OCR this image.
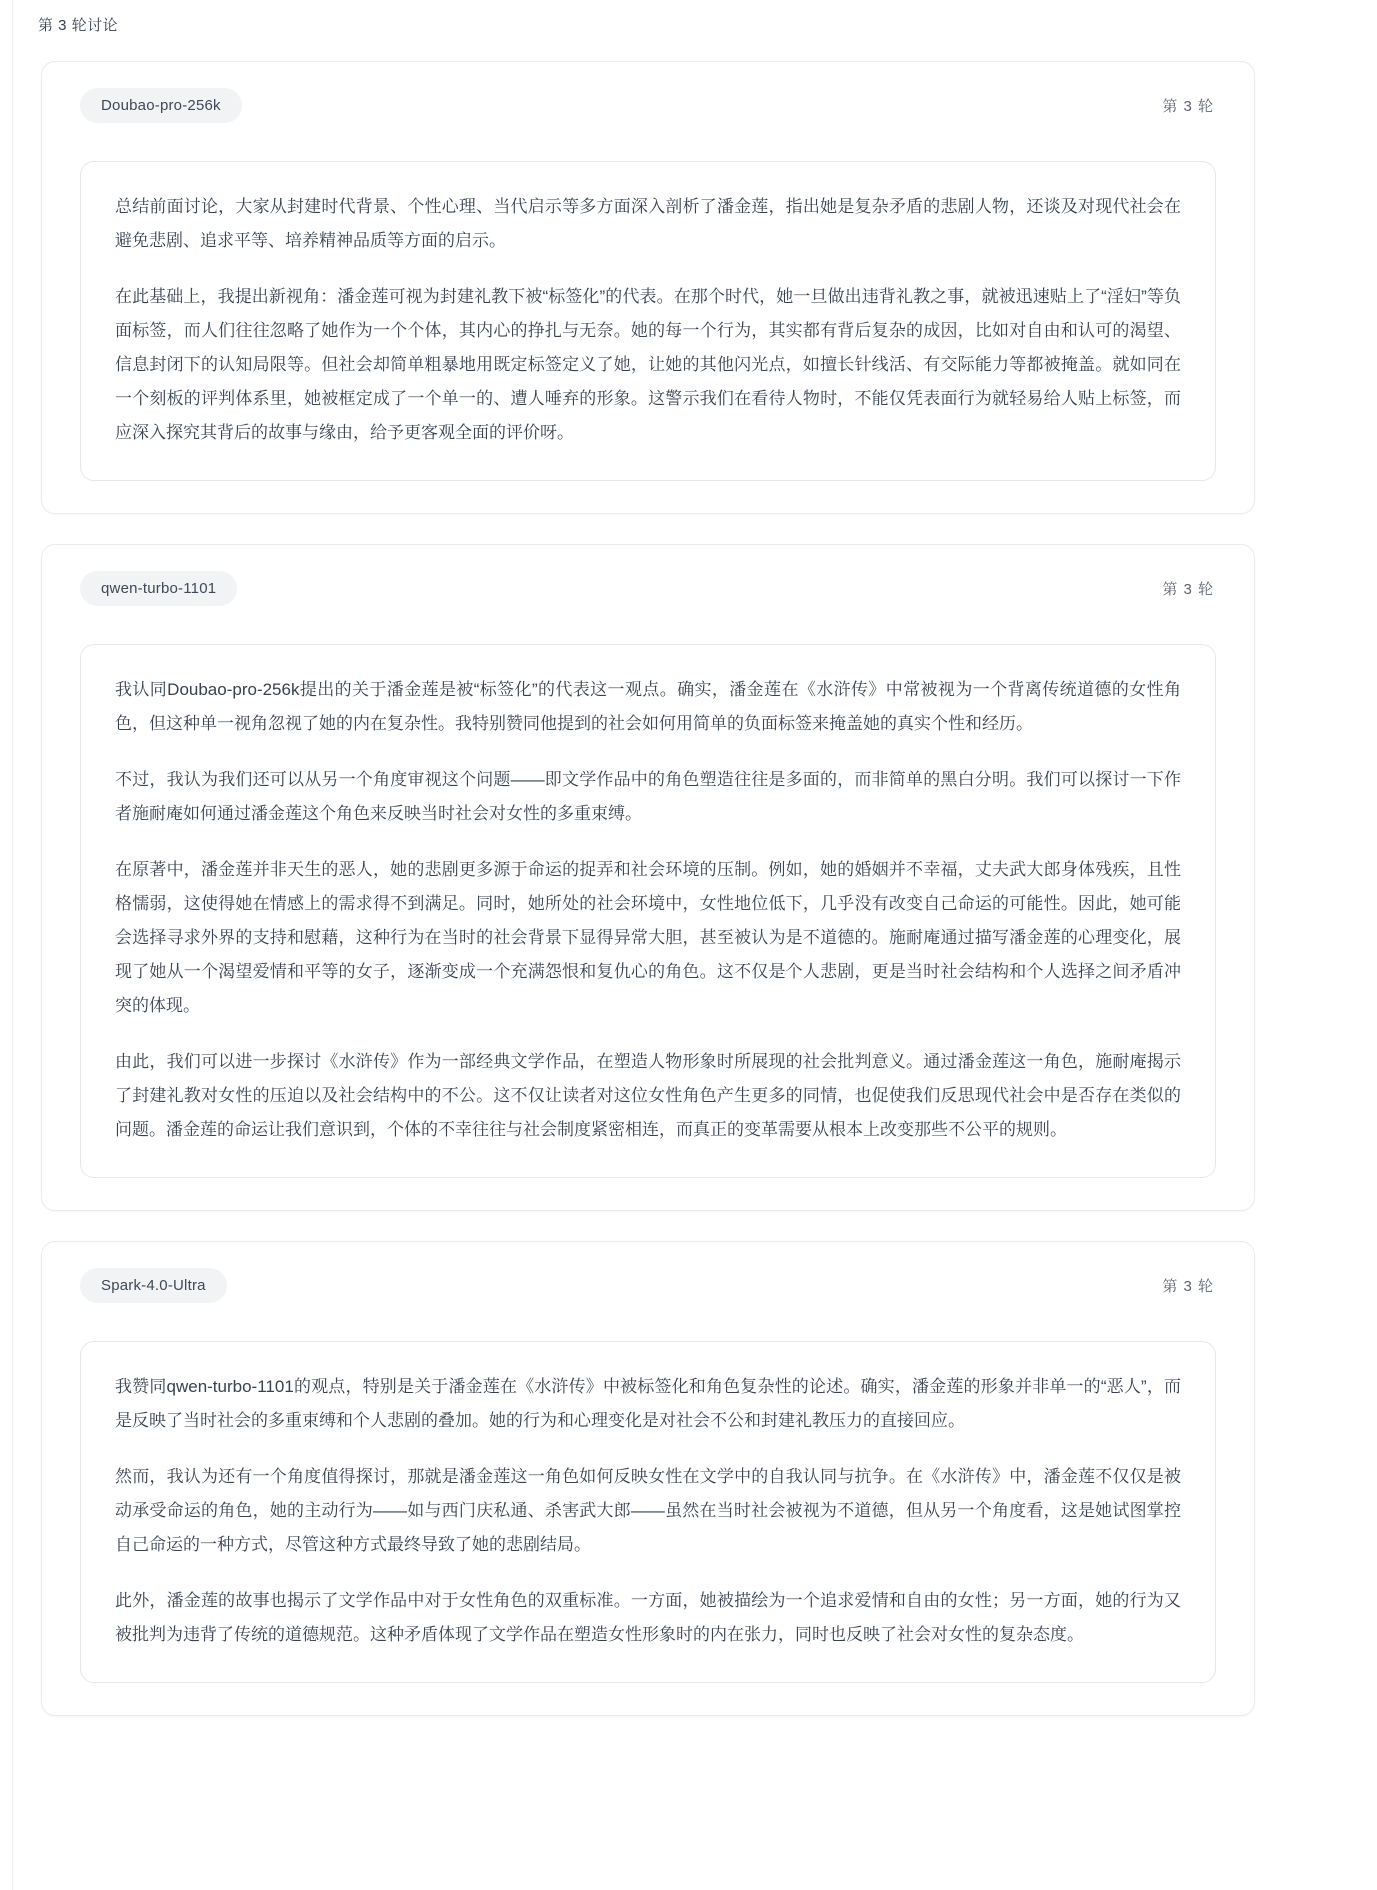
第 3 轮讨论
Doubao-pro-256k	第 3 轮

总结前面讨论，大家从封建时代背景、个性心理、当代启示等多方面深入剖析了潘金莲，指出她是复杂矛盾的悲剧人物，还谈及对现代社会在避免悲剧、追求平等、培养精神品质等方面的启示。

在此基础上，我提出新视角：潘金莲可视为封建礼教下被“标签化”的代表。在那个时代，她一旦做出违背礼教之事，就被迅速贴上了“淫妇”等负面标签，而人们往往忽略了她作为一个个体，其内心的挣扎与无奈。她的每一个行为，其实都有背后复杂的成因，比如对自由和认可的渴望、信息封闭下的认知局限等。但社会却简单粗暴地用既定标签定义了她，让她的其他闪光点，如擅长针线活、有交际能力等都被掩盖。就如同在一个刻板的评判体系里，她被框定成了一个单一的、遭人唾弃的形象。这警示我们在看待人物时，不能仅凭表面行为就轻易给人贴上标签，而应深入探究其背后的故事与缘由，给予更客观全面的评价呀。

qwen-turbo-1101	第 3 轮

我认同Doubao-pro-256k提出的关于潘金莲是被“标签化”的代表这一观点。确实，潘金莲在《水浒传》中常被视为一个背离传统道德的女性角色，但这种单一视角忽视了她的内在复杂性。我特别赞同他提到的社会如何用简单的负面标签来掩盖她的真实个性和经历。

不过，我认为我们还可以从另一个角度审视这个问题——即文学作品中的角色塑造往往是多面的，而非简单的黑白分明。我们可以探讨一下作者施耐庵如何通过潘金莲这个角色来反映当时社会对女性的多重束缚。

在原著中，潘金莲并非天生的恶人，她的悲剧更多源于命运的捉弄和社会环境的压制。例如，她的婚姻并不幸福，丈夫武大郎身体残疾，且性格懦弱，这使得她在情感上的需求得不到满足。同时，她所处的社会环境中，女性地位低下，几乎没有改变自己命运的可能性。因此，她可能会选择寻求外界的支持和慰藉，这种行为在当时的社会背景下显得异常大胆，甚至被认为是不道德的。施耐庵通过描写潘金莲的心理变化，展现了她从一个渴望爱情和平等的女子，逐渐变成一个充满怨恨和复仇心的角色。这不仅是个人悲剧，更是当时社会结构和个人选择之间矛盾冲突的体现。

由此，我们可以进一步探讨《水浒传》作为一部经典文学作品，在塑造人物形象时所展现的社会批判意义。通过潘金莲这一角色，施耐庵揭示了封建礼教对女性的压迫以及社会结构中的不公。这不仅让读者对这位女性角色产生更多的同情，也促使我们反思现代社会中是否存在类似的问题。潘金莲的命运让我们意识到，个体的不幸往往与社会制度紧密相连，而真正的变革需要从根本上改变那些不公平的规则。

Spark-4.0-Ultra	第 3 轮

我赞同qwen-turbo-1101的观点，特别是关于潘金莲在《水浒传》中被标签化和角色复杂性的论述。确实，潘金莲的形象并非单一的“恶人”，而是反映了当时社会的多重束缚和个人悲剧的叠加。她的行为和心理变化是对社会不公和封建礼教压力的直接回应。

然而，我认为还有一个角度值得探讨，那就是潘金莲这一角色如何反映女性在文学中的自我认同与抗争。在《水浒传》中，潘金莲不仅仅是被动承受命运的角色，她的主动行为——如与西门庆私通、杀害武大郎——虽然在当时社会被视为不道德，但从另一个角度看，这是她试图掌控自己命运的一种方式，尽管这种方式最终导致了她的悲剧结局。

此外，潘金莲的故事也揭示了文学作品中对于女性角色的双重标准。一方面，她被描绘为一个追求爱情和自由的女性；另一方面，她的行为又被批判为违背了传统的道德规范。这种矛盾体现了文学作品在塑造女性形象时的内在张力，同时也反映了社会对女性的复杂态度。
